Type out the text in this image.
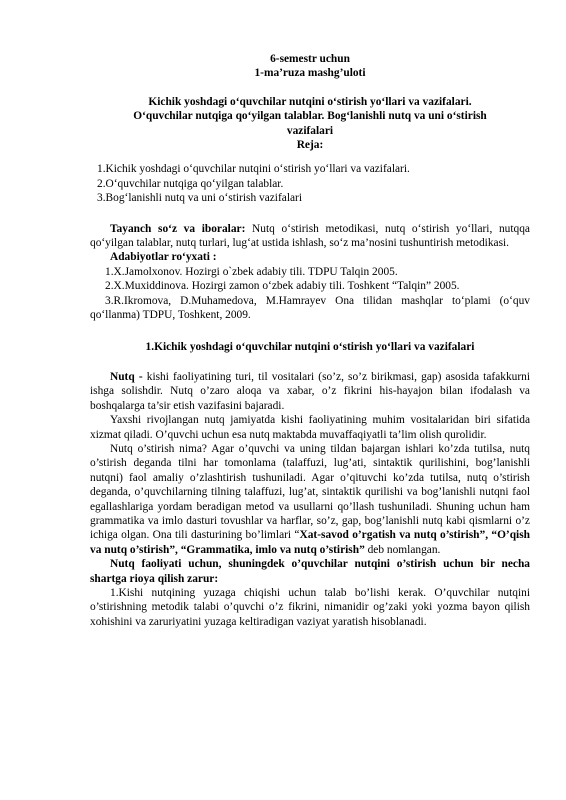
6-semestr uchun
1-ma’ruza mashg’uloti
Kichik yoshdagi o‘quvchilar nutqini o‘stirish yo‘llari va vazifalari.
O‘quvchilar nutqiga qo‘yilgan talablar. Bog‘lanishli nutq va uni o‘stirish
vazifalari
Reja:
1.Kichik yoshdagi o‘quvchilar nutqini o‘stirish yo‘llari va vazifalari.
2.O‘quvchilar nutqiga qo‘yilgan talablar.
3.Bog‘lanishli nutq va uni o‘stirish vazifalari

Tayanch so‘z va iboralar: Nutq o‘stirish metodikasi, nutq o‘stirish yo‘llari, nutqqa qo‘yilgan talablar, nutq turlari, lug‘at ustida ishlash, so‘z ma’nosini tushuntirish metodikasi.

Adabiyotlar ro‘yxati :
1.X.Jamolxonov. Hozirgi o`zbek adabiy tili. TDPU Talqin 2005.
2.X.Muxiddinova. Hozirgi zamon o‘zbek adabiy tili. Toshkent “Talqin” 2005.
3.R.Ikromova, D.Muhamedova, M.Hamrayev Ona tilidan mashqlar to‘plami (o‘quv qo‘llanma) TDPU, Toshkent, 2009.
1.Kichik yoshdagi o‘quvchilar nutqini o‘stirish yo‘llari va vazifalari

Nutq - kishi faoliyatining turi, til vositalari (so’z, so’z birikmasi, gap) asosida tafakkurni ishga solishdir. Nutq o’zaro aloqa va xabar, o’z fikrini his-hayajon bilan ifodalash va boshqalarga ta’sir etish vazifasini bajaradi.

Yaxshi rivojlangan nutq jamiyatda kishi faoliyatining muhim vositalaridan biri sifatida xizmat qiladi. O’quvchi uchun esa nutq maktabda muvaffaqiyatli ta’lim olish qurolidir.

Nutq o’stirish nima? Agar o’quvchi va uning tildan bajargan ishlari ko’zda tutilsa, nutq o’stirish deganda tilni har tomonlama (talaffuzi, lug’ati, sintaktik qurilishini, bog’lanishli nutqni) faol amaliy o’zlashtirish tushuniladi. Agar o’qituvchi ko’zda tutilsa, nutq o’stirish deganda, o’quvchilarning tilning talaffuzi, lug’at, sintaktik qurilishi va bog’lanishli nutqni faol egallashlariga yordam beradigan metod va usullarni qo’llash tushuniladi. Shuning uchun ham grammatika va imlo dasturi tovushlar va harflar, so’z, gap, bog’lanishli nutq kabi qismlarni o’z ichiga olgan. Ona tili dasturining bo’limlari “Xat-savod o’rgatish va nutq o’stirish”, “O’qish va nutq o’stirish”, “Grammatika, imlo va nutq o’stirish” deb nomlangan.

Nutq faoliyati uchun, shuningdek o’quvchilar nutqini o’stirish uchun bir necha shartga rioya qilish zarur:

1.Kishi nutqining yuzaga chiqishi uchun talab bo’lishi kerak. O’quvchilar nutqini o’stirishning metodik talabi o’quvchi o’z fikrini, nimanidir og’zaki yoki yozma bayon qilish xohishini va zaruriyatini yuzaga keltiradigan vaziyat yaratish hisoblanadi.
